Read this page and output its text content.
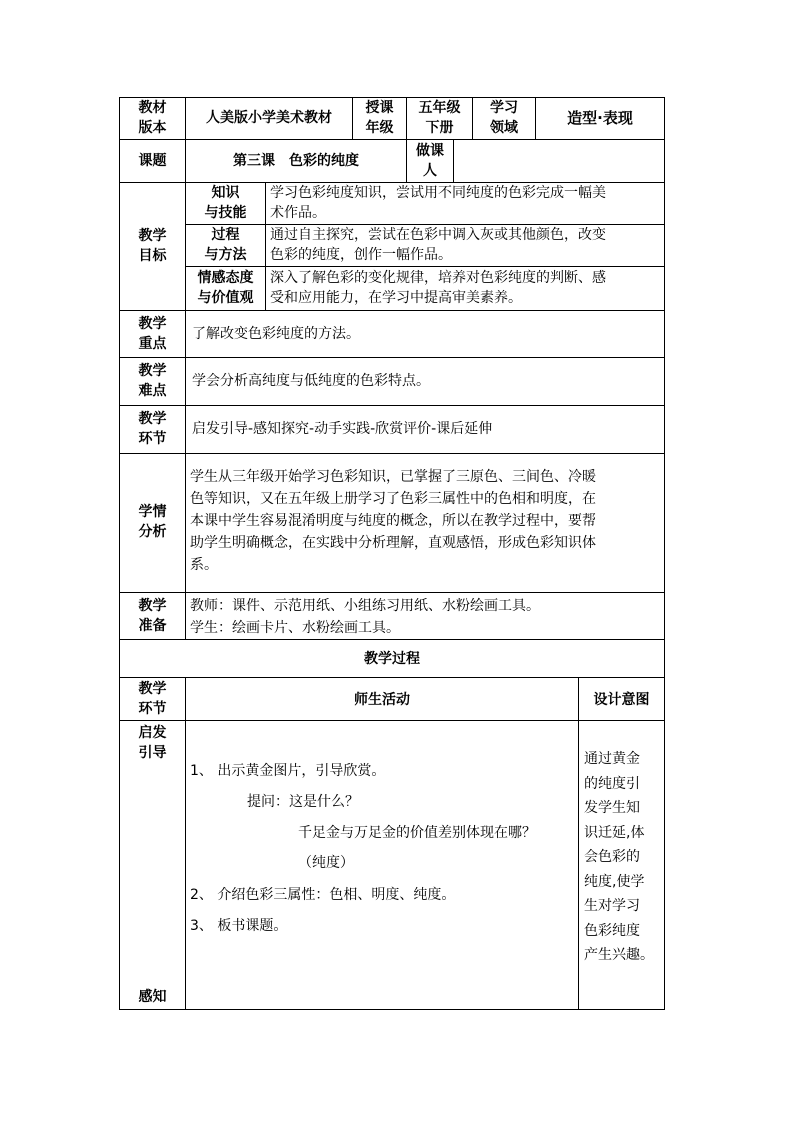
教材
版本
人美版小学美术教材
授课
年级
五年级
下册
学习
领域
造型·表现
课题	第三课　色彩的纯度
做课
人
教学
目标
知识
与技能
学习色彩纯度知识，尝试用不同纯度的色彩完成一幅美
术作品。
过程
与方法
通过自主探究，尝试在色彩中调入灰或其他颜色，改变
色彩的纯度，创作一幅作品。
情感态度
与价值观
深入了解色彩的变化规律，培养对色彩纯度的判断、感
受和应用能力，在学习中提高审美素养。
教学
重点
了解改变色彩纯度的方法。
教学
难点
学会分析高纯度与低纯度的色彩特点。
教学
环节
启发引导-感知探究-动手实践-欣赏评价-课后延伸
学情
分析
学生从三年级开始学习色彩知识，已掌握了三原色、三间色、冷暖
色等知识，又在五年级上册学习了色彩三属性中的色相和明度，在
本课中学生容易混淆明度与纯度的概念，所以在教学过程中，要帮
助学生明确概念，在实践中分析理解，直观感悟，形成色彩知识体
系。
教学
准备
教师：课件、示范用纸、小组练习用纸、水粉绘画工具。
学生：绘画卡片、水粉绘画工具。
教学过程
教学
环节
师生活动	设计意图
启发
引导
感知
1、 出示黄金图片，引导欣赏。
提问：这是什么？
千足金与万足金的价值差别体现在哪？
（纯度）
2、 介绍色彩三属性：色相、明度、纯度。
3、 板书课题。
通过黄金
的纯度引
发学生知
识迁延,体
会色彩的
纯度,使学
生对学习
色彩纯度
产生兴趣。
